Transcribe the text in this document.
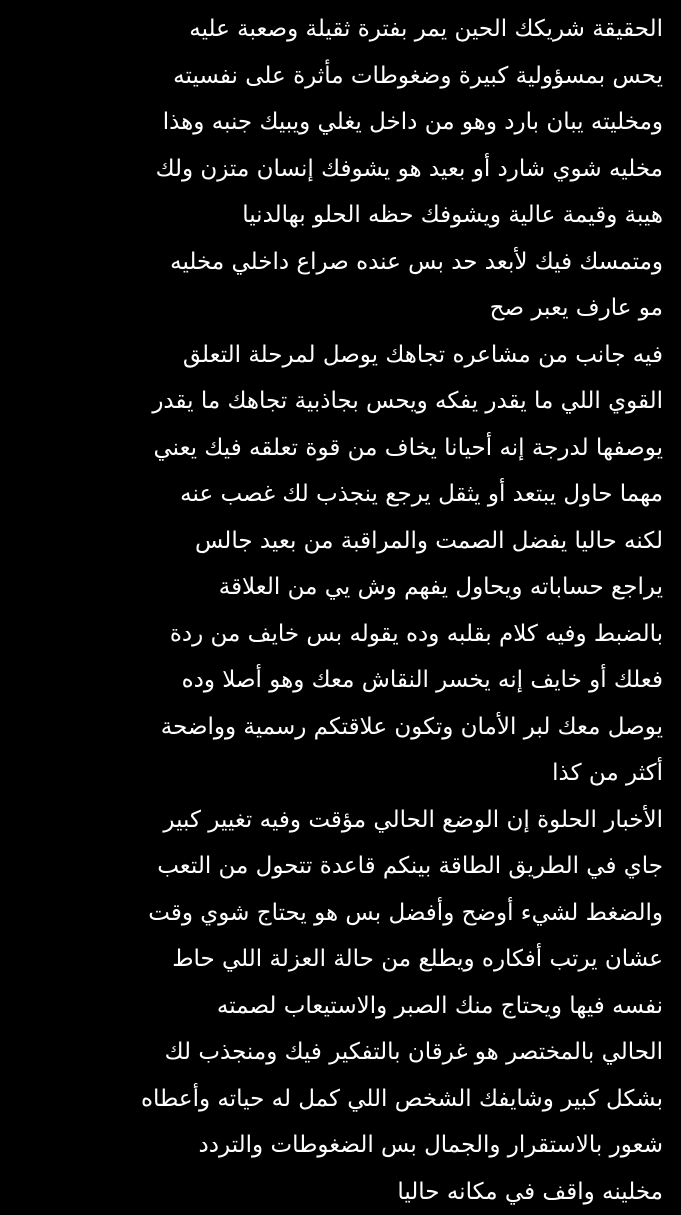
الحقيقة شريكك الحين يمر بفترة ثقيلة وصعبة عليه
يحس بمسؤولية كبيرة وضغوطات مأثرة على نفسيته
ومخليته يبان بارد وهو من داخل يغلي ويبيك جنبه وهذا
مخليه شوي شارد أو بعيد هو يشوفك إنسان متزن ولك
هيبة وقيمة عالية ويشوفك حظه الحلو بهالدنيا
ومتمسك فيك لأبعد حد بس عنده صراع داخلي مخليه
مو عارف يعبر صح
فيه جانب من مشاعره تجاهك يوصل لمرحلة التعلق
القوي اللي ما يقدر يفكه ويحس بجاذبية تجاهك ما يقدر
يوصفها لدرجة إنه أحيانا يخاف من قوة تعلقه فيك يعني
مهما حاول يبتعد أو يثقل يرجع ينجذب لك غصب عنه
لكنه حاليا يفضل الصمت والمراقبة من بعيد جالس
يراجع حساباته ويحاول يفهم وش يي من العلاقة
بالضبط وفيه كلام بقلبه وده يقوله بس خايف من ردة
فعلك أو خايف إنه يخسر النقاش معك وهو أصلا وده
يوصل معك لبر الأمان وتكون علاقتكم رسمية وواضحة
أكثر من كذا
الأخبار الحلوة إن الوضع الحالي مؤقت وفيه تغيير كبير
جاي في الطريق الطاقة بينكم قاعدة تتحول من التعب
والضغط لشيء أوضح وأفضل بس هو يحتاج شوي وقت
عشان يرتب أفكاره ويطلع من حالة العزلة اللي حاط
نفسه فيها ويحتاج منك الصبر والاستيعاب لصمته
الحالي بالمختصر هو غرقان بالتفكير فيك ومنجذب لك
بشكل كبير وشايفك الشخص اللي كمل له حياته وأعطاه
شعور بالاستقرار والجمال بس الضغوطات والتردد
مخلينه واقف في مكانه حاليا
